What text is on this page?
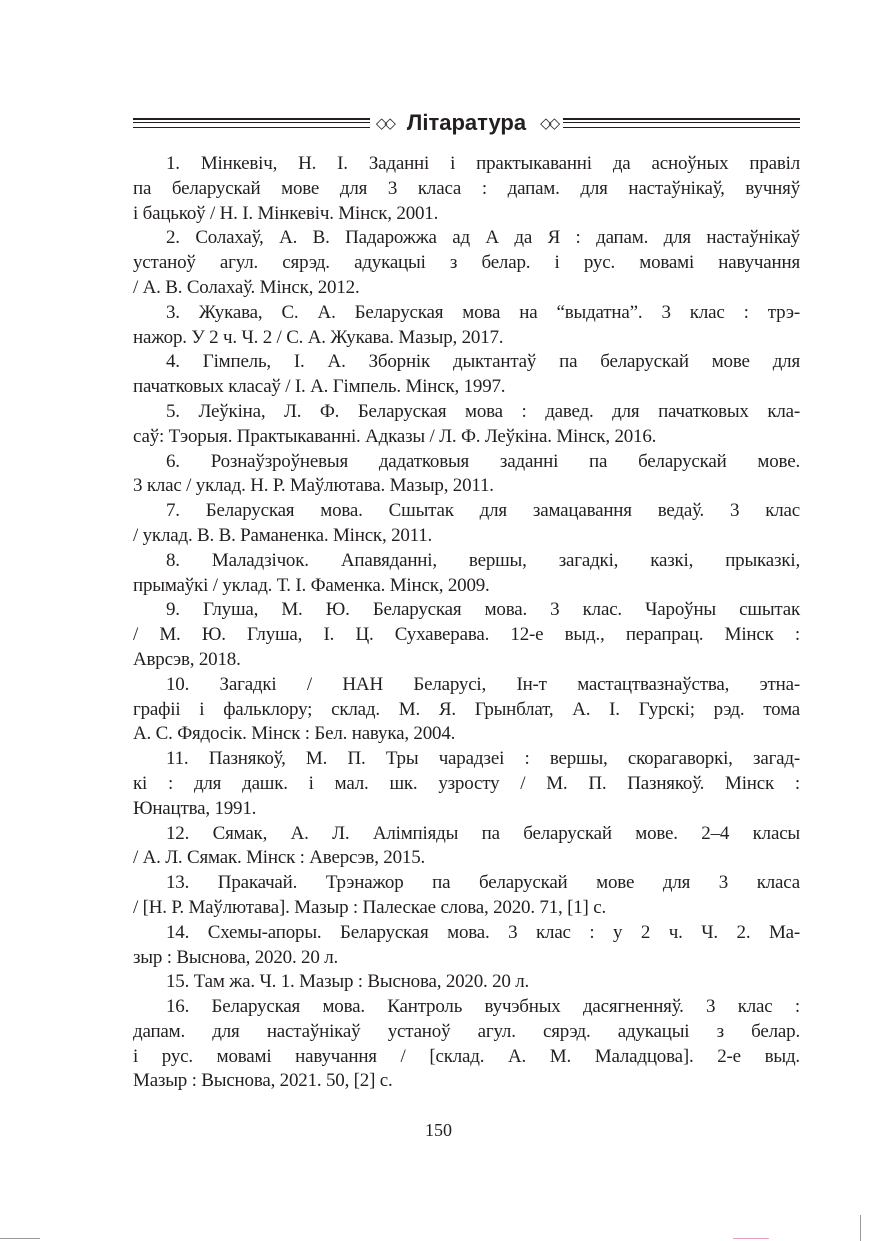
◇◇ Літаратура ◇◇
1. Мінкевіч, Н. І. Заданні і практыкаванні да асноўных правіл
па беларускай мове для 3 класа : дапам. для настаўнікаў, вучняў
і бацькоў / Н. І. Мінкевіч. Мінск, 2001.
2. Солахаў, А. В. Падарожжа ад А да Я : дапам. для настаўнікаў
устаноў агул. сярэд. адукацыі з белар. і рус. мовамі навучання
/ А. В. Солахаў. Мінск, 2012.
3. Жукава, С. А. Беларуская мова на “выдатна”. 3 клас : трэ-
нажор. У 2 ч. Ч. 2 / С. А. Жукава. Мазыр, 2017.
4. Гімпель, І. А. Зборнік дыктантаў па беларускай мове для
пачатковых класаў / І. А. Гімпель. Мінск, 1997.
5. Леўкіна, Л. Ф. Беларуская мова : давед. для пачатковых кла-
саў: Тэорыя. Практыкаванні. Адказы / Л. Ф. Леўкіна. Мінск, 2016.
6. Рознаўзроўневыя дадатковыя заданні па беларускай мове.
3 клас / уклад. Н. Р. Маўлютава. Мазыр, 2011.
7. Беларуская мова. Сшытак для замацавання ведаў. 3 клас
/ уклад. В. В. Раманенка. Мінск, 2011.
8. Маладзічок. Апавяданні, вершы, загадкі, казкі, прыказкі,
прымаўкі / уклад. Т. І. Фаменка. Мінск, 2009.
9. Глуша, М. Ю. Беларуская мова. 3 клас. Чароўны сшытак
/ М. Ю. Глуша, І. Ц. Сухаверава. 12-е выд., перапрац. Мінск :
Аврсэв, 2018.
10. Загадкі / НАН Беларусі, Ін-т мастацтвазнаўства, этна-
графіі і фальклору; склад. М. Я. Грынблат, А. І. Гурскі; рэд. тома
А. С. Фядосік. Мінск : Бел. навука, 2004.
11. Пазнякоў, М. П. Тры чарадзеі : вершы, скорагаворкі, загад-
кі : для дашк. і мал. шк. узросту / М. П. Пазнякоў. Мінск :
Юнацтва, 1991.
12. Сямак, А. Л. Алімпіяды па беларускай мове. 2–4 класы
/ А. Л. Сямак. Мінск : Аверсэв, 2015.
13. Пракачай. Трэнажор па беларускай мове для 3 класа
/ [Н. Р. Маўлютава]. Мазыр : Палескае слова, 2020. 71, [1] с.
14. Схемы-апоры. Беларуская мова. 3 клас : у 2 ч. Ч. 2. Ма-
зыр : Выснова, 2020. 20 л.
15. Там жа. Ч. 1. Мазыр : Выснова, 2020. 20 л.
16. Беларуская мова. Кантроль вучэбных дасягненняў. 3 клас :
дапам. для настаўнікаў устаноў агул. сярэд. адукацыі з белар.
і рус. мовамі навучання / [склад. А. М. Маладцова]. 2-е выд.
Мазыр : Выснова, 2021. 50, [2] с.
150
